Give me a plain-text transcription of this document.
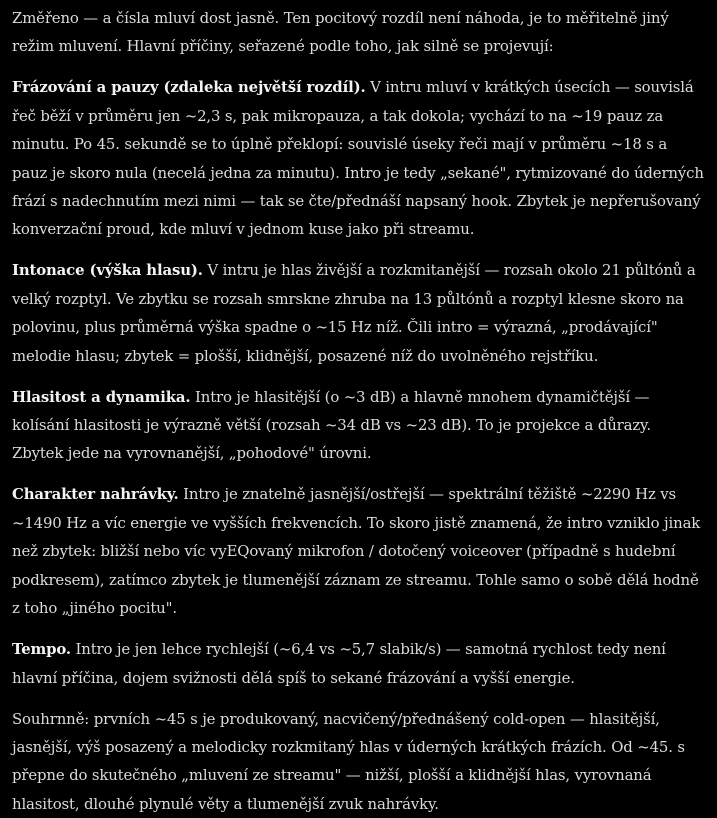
Změřeno — a čísla mluví dost jasně. Ten pocitový rozdíl není náhoda, je to měřitelně jiný režim mluvení. Hlavní příčiny, seřazené podle toho, jak silně se projevují:

Frázování a pauzy (zdaleka největší rozdíl). V intru mluví v krátkých úsecích — souvislá řeč běží v průměru jen ~2,3 s, pak mikropauza, a tak dokola; vychází to na ~19 pauz za minutu. Po 45. sekundě se to úplně překlopí: souvislé úseky řeči mají v průměru ~18 s a pauz je skoro nula (necelá jedna za minutu). Intro je tedy „sekané", rytmizované do úderných frází s nadechnutím mezi nimi — tak se čte/přednáší napsaný hook. Zbytek je nepřerušovaný konverzační proud, kde mluví v jednom kuse jako při streamu.

Intonace (výška hlasu). V intru je hlas živější a rozkmitanější — rozsah okolo 21 půltónů a velký rozptyl. Ve zbytku se rozsah smrskne zhruba na 13 půltónů a rozptyl klesne skoro na polovinu, plus průměrná výška spadne o ~15 Hz níž. Čili intro = výrazná, „prodávající" melodie hlasu; zbytek = plošší, klidnější, posazené níž do uvolněného rejstříku.

Hlasitost a dynamika. Intro je hlasitější (o ~3 dB) a hlavně mnohem dynamičtější — kolísání hlasitosti je výrazně větší (rozsah ~34 dB vs ~23 dB). To je projekce a důrazy. Zbytek jede na vyrovnanější, „pohodové" úrovni.

Charakter nahrávky. Intro je znatelně jasnější/ostřejší — spektrální těžiště ~2290 Hz vs ~1490 Hz a víc energie ve vyšších frekvencích. To skoro jistě znamená, že intro vzniklo jinak než zbytek: bližší nebo víc vyEQovaný mikrofon / dotočený voiceover (případně s hudební podkresem), zatímco zbytek je tlumenější záznam ze streamu. Tohle samo o sobě dělá hodně z toho „jiného pocitu".

Tempo. Intro je jen lehce rychlejší (~6,4 vs ~5,7 slabik/s) — samotná rychlost tedy není hlavní příčina, dojem svižnosti dělá spíš to sekané frázování a vyšší energie.

Souhrnně: prvních ~45 s je produkovaný, nacvičený/přednášený cold-open — hlasitější, jasnější, výš posazený a melodicky rozkmitaný hlas v úderných krátkých frázích. Od ~45. s přepne do skutečného „mluvení ze streamu" — nižší, plošší a klidnější hlas, vyrovnaná hlasitost, dlouhé plynulé věty a tlumenější zvuk nahrávky.
